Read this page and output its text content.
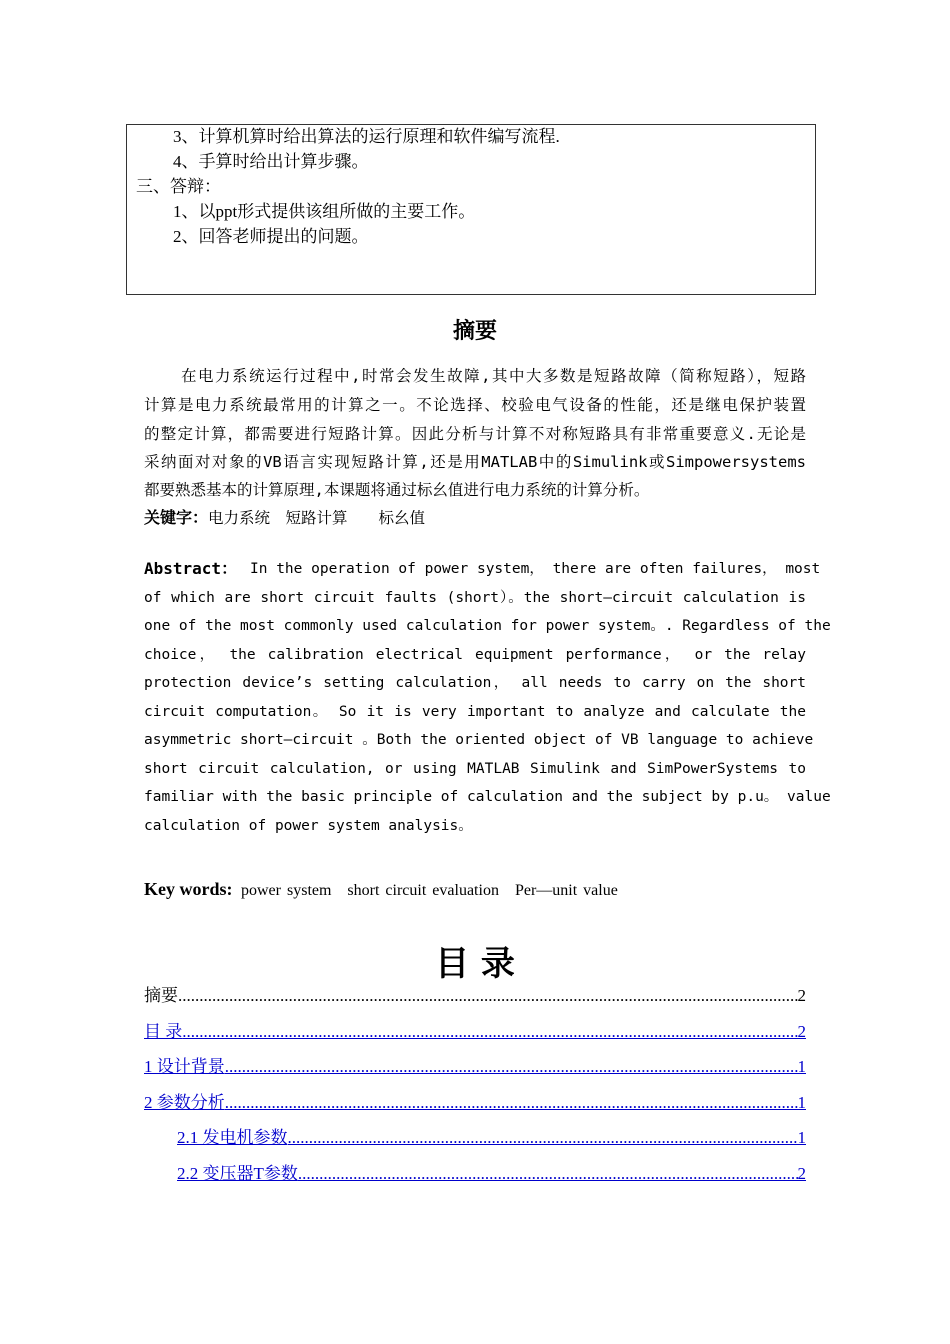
3、计算机算时给出算法的运行原理和软件编写流程.
4、手算时给出计算步骤。
三、答辩：
1、以ppt形式提供该组所做的主要工作。
2、回答老师提出的问题。
摘要
在电力系统运行过程中,时常会发生故障,其中大多数是短路故障（简称短路），短路
计算是电力系统最常用的计算之一。不论选择、校验电气设备的性能，还是继电保护装置
的整定计算，都需要进行短路计算。因此分析与计算不对称短路具有非常重要意义.无论是
采纳面对对象的VB语言实现短路计算,还是用MATLAB中的Simulink或Simpowersystems
都要熟悉基本的计算原理,本课题将通过标幺值进行电力系统的计算分析。
关键字：电力系统　短路计算　　标幺值
Abstract： In the operation of power system， there are often failures， most
of which are short circuit faults (short）。the short—circuit calculation is
one of the most commonly used calculation for power system。. Regardless of the
choice， the calibration electrical equipment performance， or the relay
protection device’s setting calculation， all needs to carry on the short
circuit computation。 So it is very important to analyze and calculate the
asymmetric short—circuit 。Both the oriented object of VB language to achieve
short circuit calculation, or using MATLAB Simulink and SimPowerSystems to
familiar with the basic principle of calculation and the subject by p.u。 value
calculation of power system analysis。
Key words: power system　short circuit evaluation　Per—unit value
目 录
摘要 .....	2
目 录 .....	2
1 设计背景 .....	1
2 参数分析 .....	1
2.1 发电机参数 .....	1
2.2 变压器T参数 .....	2
